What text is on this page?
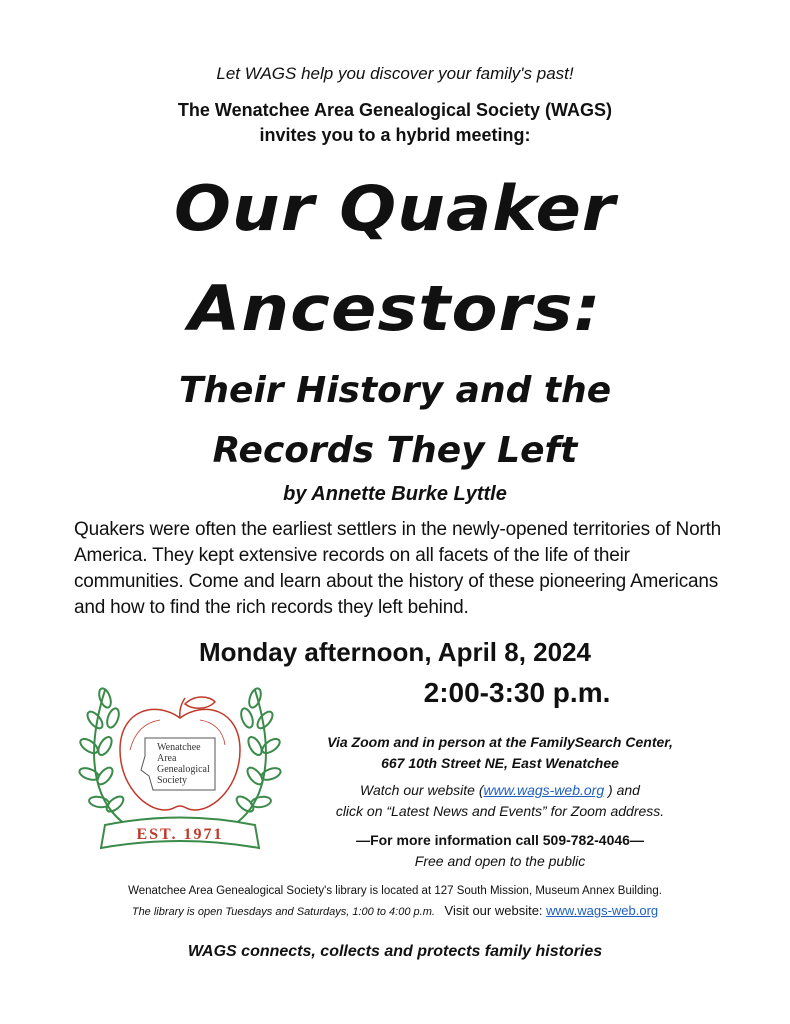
Let WAGS help you discover your family's past!
The Wenatchee Area Genealogical Society (WAGS)
invites you to a hybrid meeting:
Our Quaker
Ancestors:
Their History and the
Records They Left
by Annette Burke Lyttle
Quakers were often the earliest settlers in the newly-opened territories of North America. They kept extensive records on all facets of the life of their communities. Come and learn about the history of these pioneering Americans and how to find the rich records they left behind.
Monday afternoon, April 8, 2024
2:00-3:30 p.m.
Wenatchee
Area
Genealogical
Society
EST. 1971
Via Zoom and in person at the FamilySearch Center,
667 10th Street NE, East Wenatchee
Watch our website (www.wags-web.org ) and
click on “Latest News and Events” for Zoom address.
—For more information call 509-782-4046—
Free and open to the public
Wenatchee Area Genealogical Society's library is located at 127 South Mission, Museum Annex Building.
The library is open Tuesdays and Saturdays, 1:00 to 4:00 p.m. Visit our website: www.wags-web.org
WAGS connects, collects and protects family histories
